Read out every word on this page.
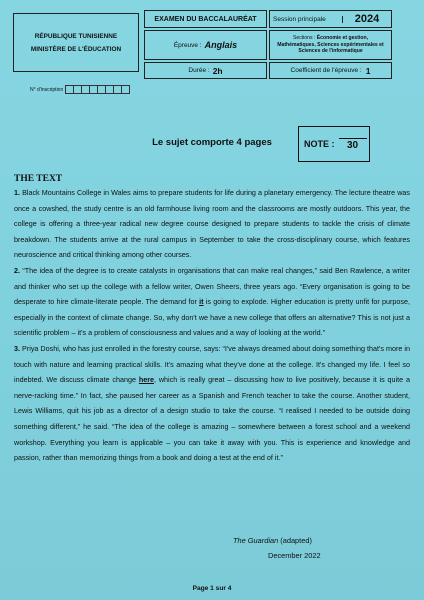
RÉPUBLIQUE TUNISIENNE
MINISTÈRE DE L'ÉDUCATION
EXAMEN DU BACCALAURÉAT	Session principale	2024
Épreuve : Anglais
Sections : Économie et gestion,
Mathématiques, Sciences expérimentales et
Sciences de l'informatique
Durée : 2h	Coefficient de l'épreuve : 1
N° d'inscription
Le sujet comporte 4 pages	NOTE : 30
THE TEXT

1. Black Mountains College in Wales aims to prepare students for life during a planetary emergency. The lecture theatre was once a cowshed, the study centre is an old farmhouse living room and the classrooms are mostly outdoors. This year, the college is offering a three-year radical new degree course designed to prepare students to tackle the crisis of climate breakdown. The students arrive at the rural campus in September to take the cross-disciplinary course, which features neuroscience and critical thinking among other courses.

2. “The idea of the degree is to create catalysts in organisations that can make real changes,” said Ben Rawlence, a writer and thinker who set up the college with a fellow writer, Owen Sheers, three years ago. “Every organisation is going to be desperate to hire climate-literate people. The demand for it is going to explode. Higher education is pretty unfit for purpose, especially in the context of climate change. So, why don't we have a new college that offers an alternative? This is not just a scientific problem – it's a problem of consciousness and values and a way of looking at the world.”

3. Priya Doshi, who has just enrolled in the forestry course, says: “I've always dreamed about doing something that's more in touch with nature and learning practical skills. It's amazing what they've done at the college. It's changed my life. I feel so indebted. We discuss climate change here, which is really great – discussing how to live positively, because it is quite a nerve-racking time.” In fact, she paused her career as a Spanish and French teacher to take the course. Another student, Lewis Williams, quit his job as a director of a design studio to take the course. “I realised I needed to be outside doing something different,” he said. “The idea of the college is amazing – somewhere between a forest school and a weekend workshop. Everything you learn is applicable – you can take it away with you. This is experience and knowledge and passion, rather than memorizing things from a book and doing a test at the end of it.”

The Guardian (adapted)
December 2022
Page 1 sur 4
